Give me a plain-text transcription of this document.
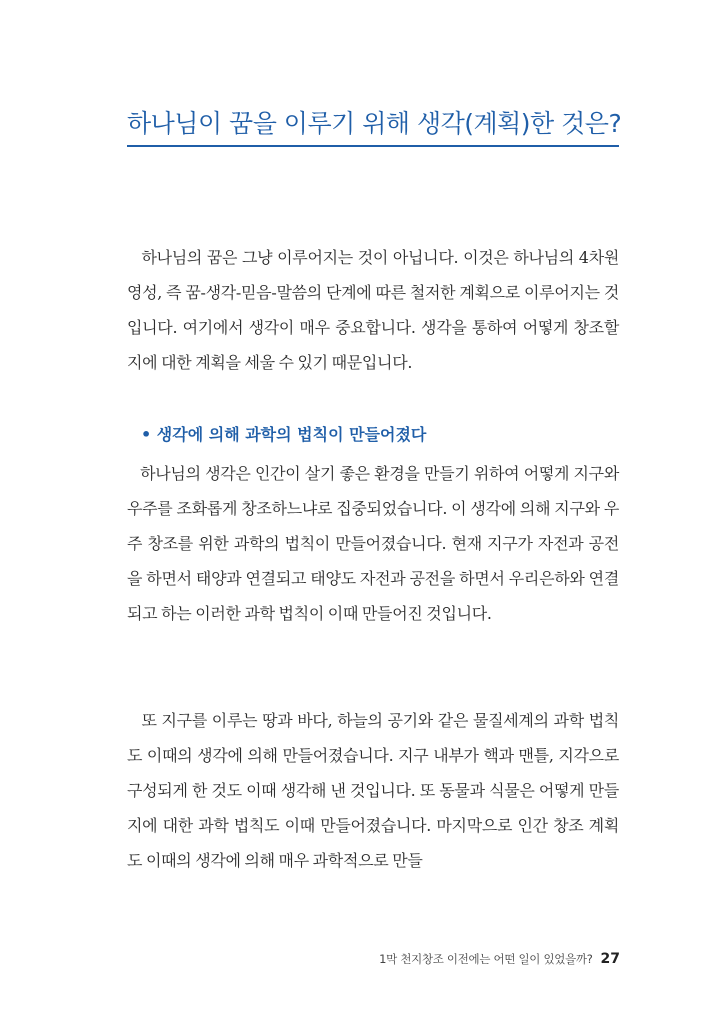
하나님이 꿈을 이루기 위해 생각(계획)한 것은?
하나님의 꿈은 그냥 이루어지는 것이 아닙니다. 이것은 하나님의 4차원 영성, 즉 꿈-생각-믿음-말씀의 단계에 따른 철저한 계획으로 이루어지는 것입니다. 여기에서 생각이 매우 중요합니다. 생각을 통하여 어떻게 창조할지에 대한 계획을 세울 수 있기 때문입니다.
• 생각에 의해 과학의 법칙이 만들어졌다
하나님의 생각은 인간이 살기 좋은 환경을 만들기 위하여 어떻게 지구와 우주를 조화롭게 창조하느냐로 집중되었습니다. 이 생각에 의해 지구와 우주 창조를 위한 과학의 법칙이 만들어졌습니다. 현재 지구가 자전과 공전을 하면서 태양과 연결되고 태양도 자전과 공전을 하면서 우리은하와 연결되고 하는 이러한 과학 법칙이 이때 만들어진 것입니다.
또 지구를 이루는 땅과 바다, 하늘의 공기와 같은 물질세계의 과학 법칙도 이때의 생각에 의해 만들어졌습니다. 지구 내부가 핵과 맨틀, 지각으로 구성되게 한 것도 이때 생각해 낸 것입니다. 또 동물과 식물은 어떻게 만들지에 대한 과학 법칙도 이때 만들어졌습니다. 마지막으로 인간 창조 계획도 이때의 생각에 의해 매우 과학적으로 만들
1막 천지창조 이전에는 어떤 일이 있었을까? 27
